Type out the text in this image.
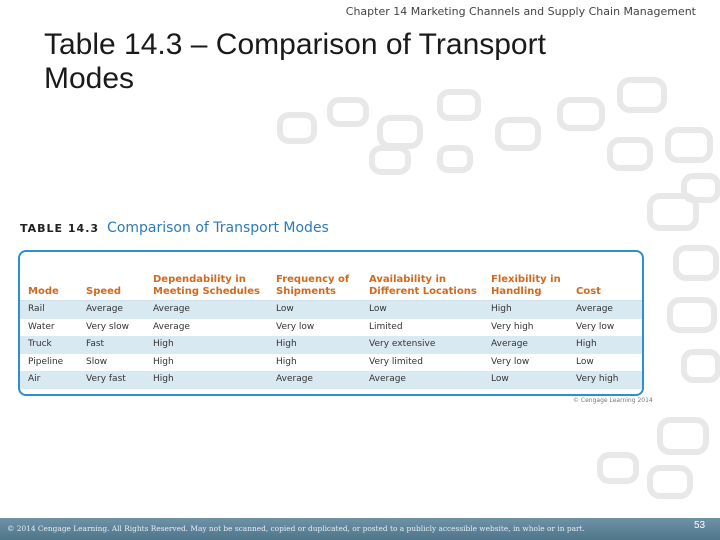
Chapter 14 Marketing Channels and Supply Chain Management
Table 14.3 – Comparison of Transport Modes
TABLE 14.3 Comparison of Transport Modes
Mode	Speed	Dependability in Meeting Schedules	Frequency of Shipments	Availability in Different Locations	Flexibility in Handling	Cost
Rail	Average	Average	Low	Low	High	Average
Water	Very slow	Average	Very low	Limited	Very high	Very low
Truck	Fast	High	High	Very extensive	Average	High
Pipeline	Slow	High	High	Very limited	Very low	Low
Air	Very fast	High	Average	Average	Low	Very high
© Cengage Learning 2014
© 2014 Cengage Learning. All Rights Reserved. May not be scanned, copied or duplicated, or posted to a publicly accessible website, in whole or in part.	53
